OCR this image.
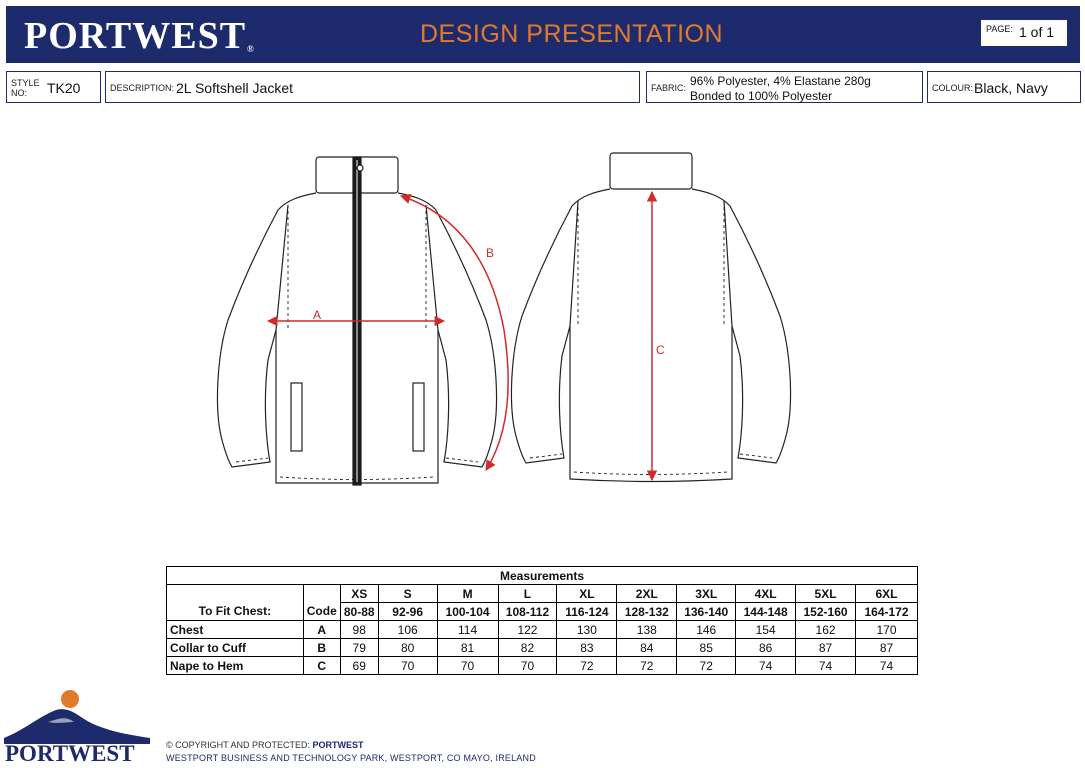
PORTWEST®
DESIGN PRESENTATION	PAGE: 1 of 1
STYLE NO:	TK20	DESCRIPTION: 2L Softshell Jacket	FABRIC: 96% Polyester, 4% Elastane 280g
Bonded to 100% Polyester
COLOUR: Black, Navy
A
B
C
Measurements											
To Fit Chest:	Code	XS	S	M	L	XL	2XL	3XL	4XL	5XL	6XL
		80-88	92-96	100-104	108-112	116-124	128-132	136-140	144-148	152-160	164-172
Chest	A	98	106	114	122	130	138	146	154	162	170
Collar to Cuff	B	79	80	81	82	83	84	85	86	87	87
Nape to Hem	C	69	70	70	70	72	72	72	74	74	74
PORTWEST	© COPYRIGHT AND PROTECTED: PORTWEST
WESTPORT BUSINESS AND TECHNOLOGY PARK, WESTPORT, CO MAYO, IRELAND
